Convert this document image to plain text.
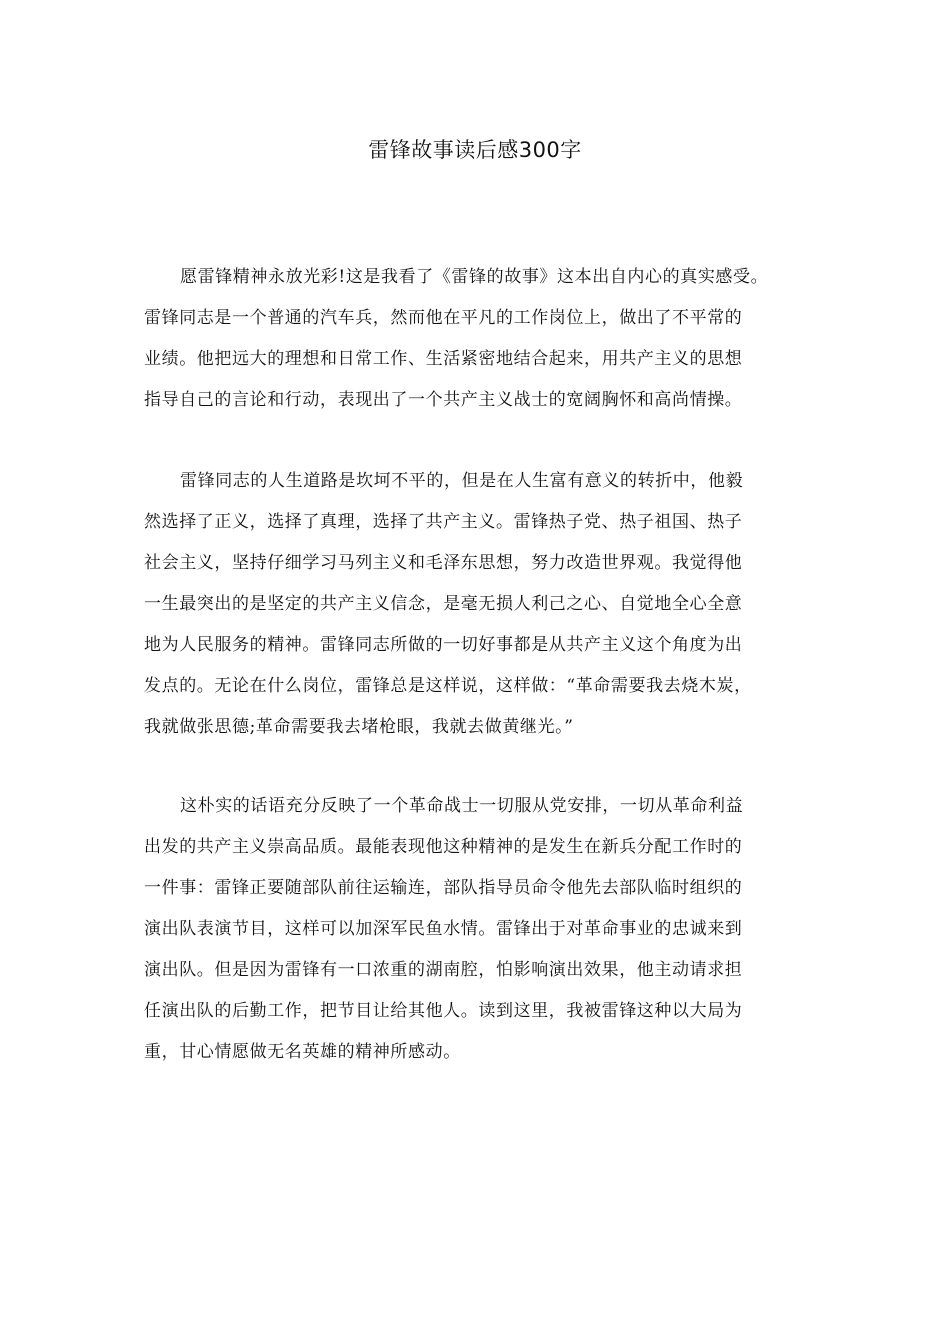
雷锋故事读后感300字
愿雷锋精神永放光彩!这是我看了《雷锋的故事》这本出自内心的真实感受。
雷锋同志是一个普通的汽车兵，然而他在平凡的工作岗位上，做出了不平常的
业绩。他把远大的理想和日常工作、生活紧密地结合起来，用共产主义的思想
指导自己的言论和行动，表现出了一个共产主义战士的宽阔胸怀和高尚情操。
雷锋同志的人生道路是坎坷不平的，但是在人生富有意义的转折中，他毅
然选择了正义，选择了真理，选择了共产主义。雷锋热子党、热子祖国、热子
社会主义，坚持仔细学习马列主义和毛泽东思想，努力改造世界观。我觉得他
一生最突出的是坚定的共产主义信念，是毫无损人利己之心、自觉地全心全意
地为人民服务的精神。雷锋同志所做的一切好事都是从共产主义这个角度为出
发点的。无论在什么岗位，雷锋总是这样说，这样做：“革命需要我去烧木炭，
我就做张思德;革命需要我去堵枪眼，我就去做黄继光。”
这朴实的话语充分反映了一个革命战士一切服从党安排，一切从革命利益
出发的共产主义崇高品质。最能表现他这种精神的是发生在新兵分配工作时的
一件事：雷锋正要随部队前往运输连，部队指导员命令他先去部队临时组织的
演出队表演节目，这样可以加深军民鱼水情。雷锋出于对革命事业的忠诚来到
演出队。但是因为雷锋有一口浓重的湖南腔，怕影响演出效果，他主动请求担
任演出队的后勤工作，把节目让给其他人。读到这里，我被雷锋这种以大局为
重，甘心情愿做无名英雄的精神所感动。
